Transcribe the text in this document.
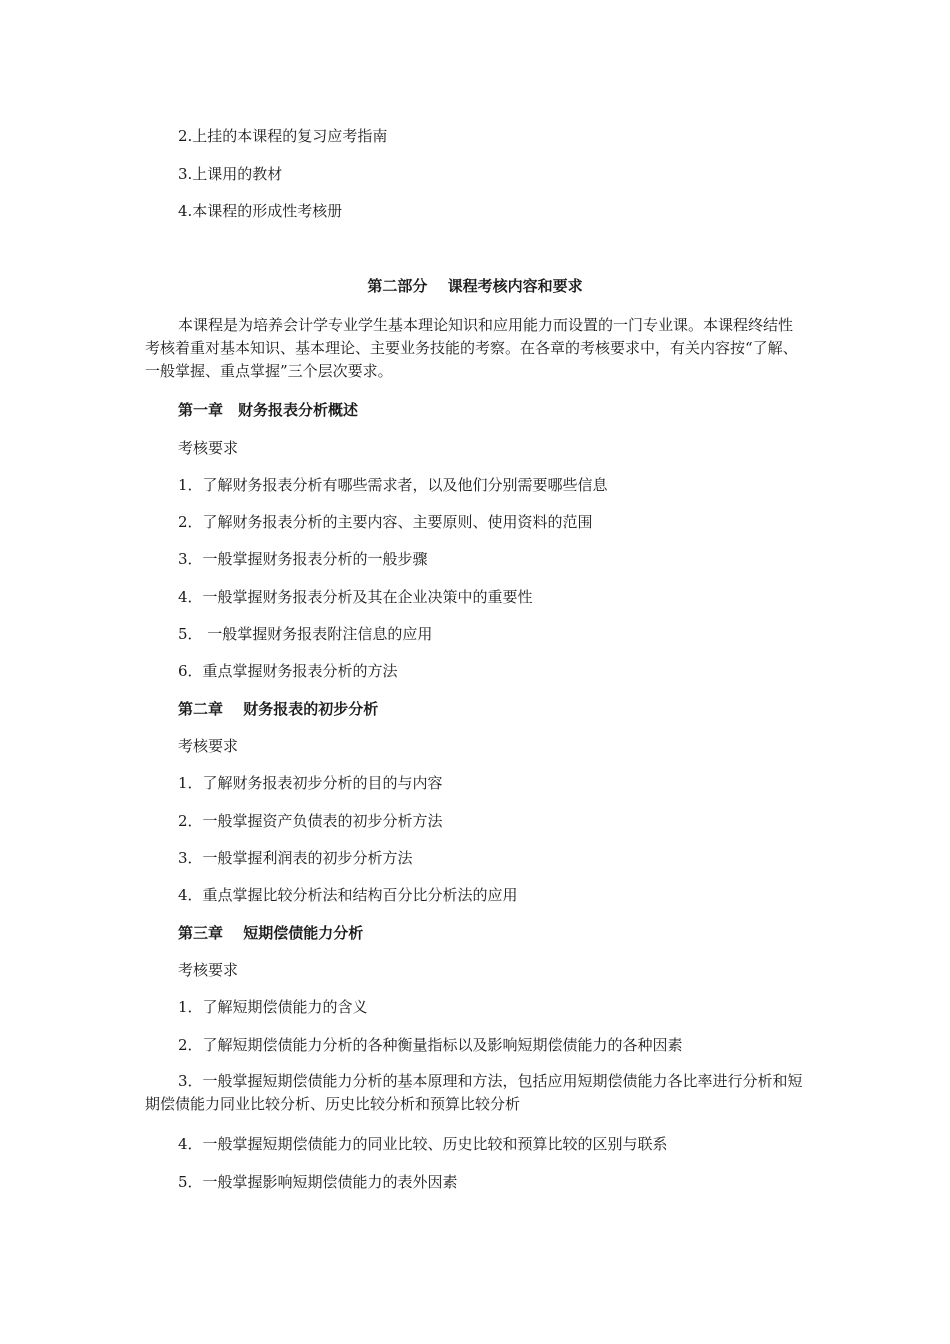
2.上挂的本课程的复习应考指南
3.上课用的教材
4.本课程的形成性考核册
第二部分　 课程考核内容和要求
本课程是为培养会计学专业学生基本理论知识和应用能力而设置的一门专业课。本课程终结性考核着重对基本知识、基本理论、主要业务技能的考察。在各章的考核要求中，有关内容按“了解、一般掌握、重点掌握”三个层次要求。
第一章　财务报表分析概述
考核要求
1．了解财务报表分析有哪些需求者，以及他们分别需要哪些信息
2．了解财务报表分析的主要内容、主要原则、使用资料的范围
3．一般掌握财务报表分析的一般步骤
4．一般掌握财务报表分析及其在企业决策中的重要性
5． 一般掌握财务报表附注信息的应用
6．重点掌握财务报表分析的方法
第二章　 财务报表的初步分析
考核要求
1．了解财务报表初步分析的目的与内容
2．一般掌握资产负债表的初步分析方法
3．一般掌握利润表的初步分析方法
4．重点掌握比较分析法和结构百分比分析法的应用
第三章　 短期偿债能力分析
考核要求
1．了解短期偿债能力的含义
2．了解短期偿债能力分析的各种衡量指标以及影响短期偿债能力的各种因素
3．一般掌握短期偿债能力分析的基本原理和方法，包括应用短期偿债能力各比率进行分析和短期偿债能力同业比较分析、历史比较分析和预算比较分析
4．一般掌握短期偿债能力的同业比较、历史比较和预算比较的区别与联系
5．一般掌握影响短期偿债能力的表外因素
